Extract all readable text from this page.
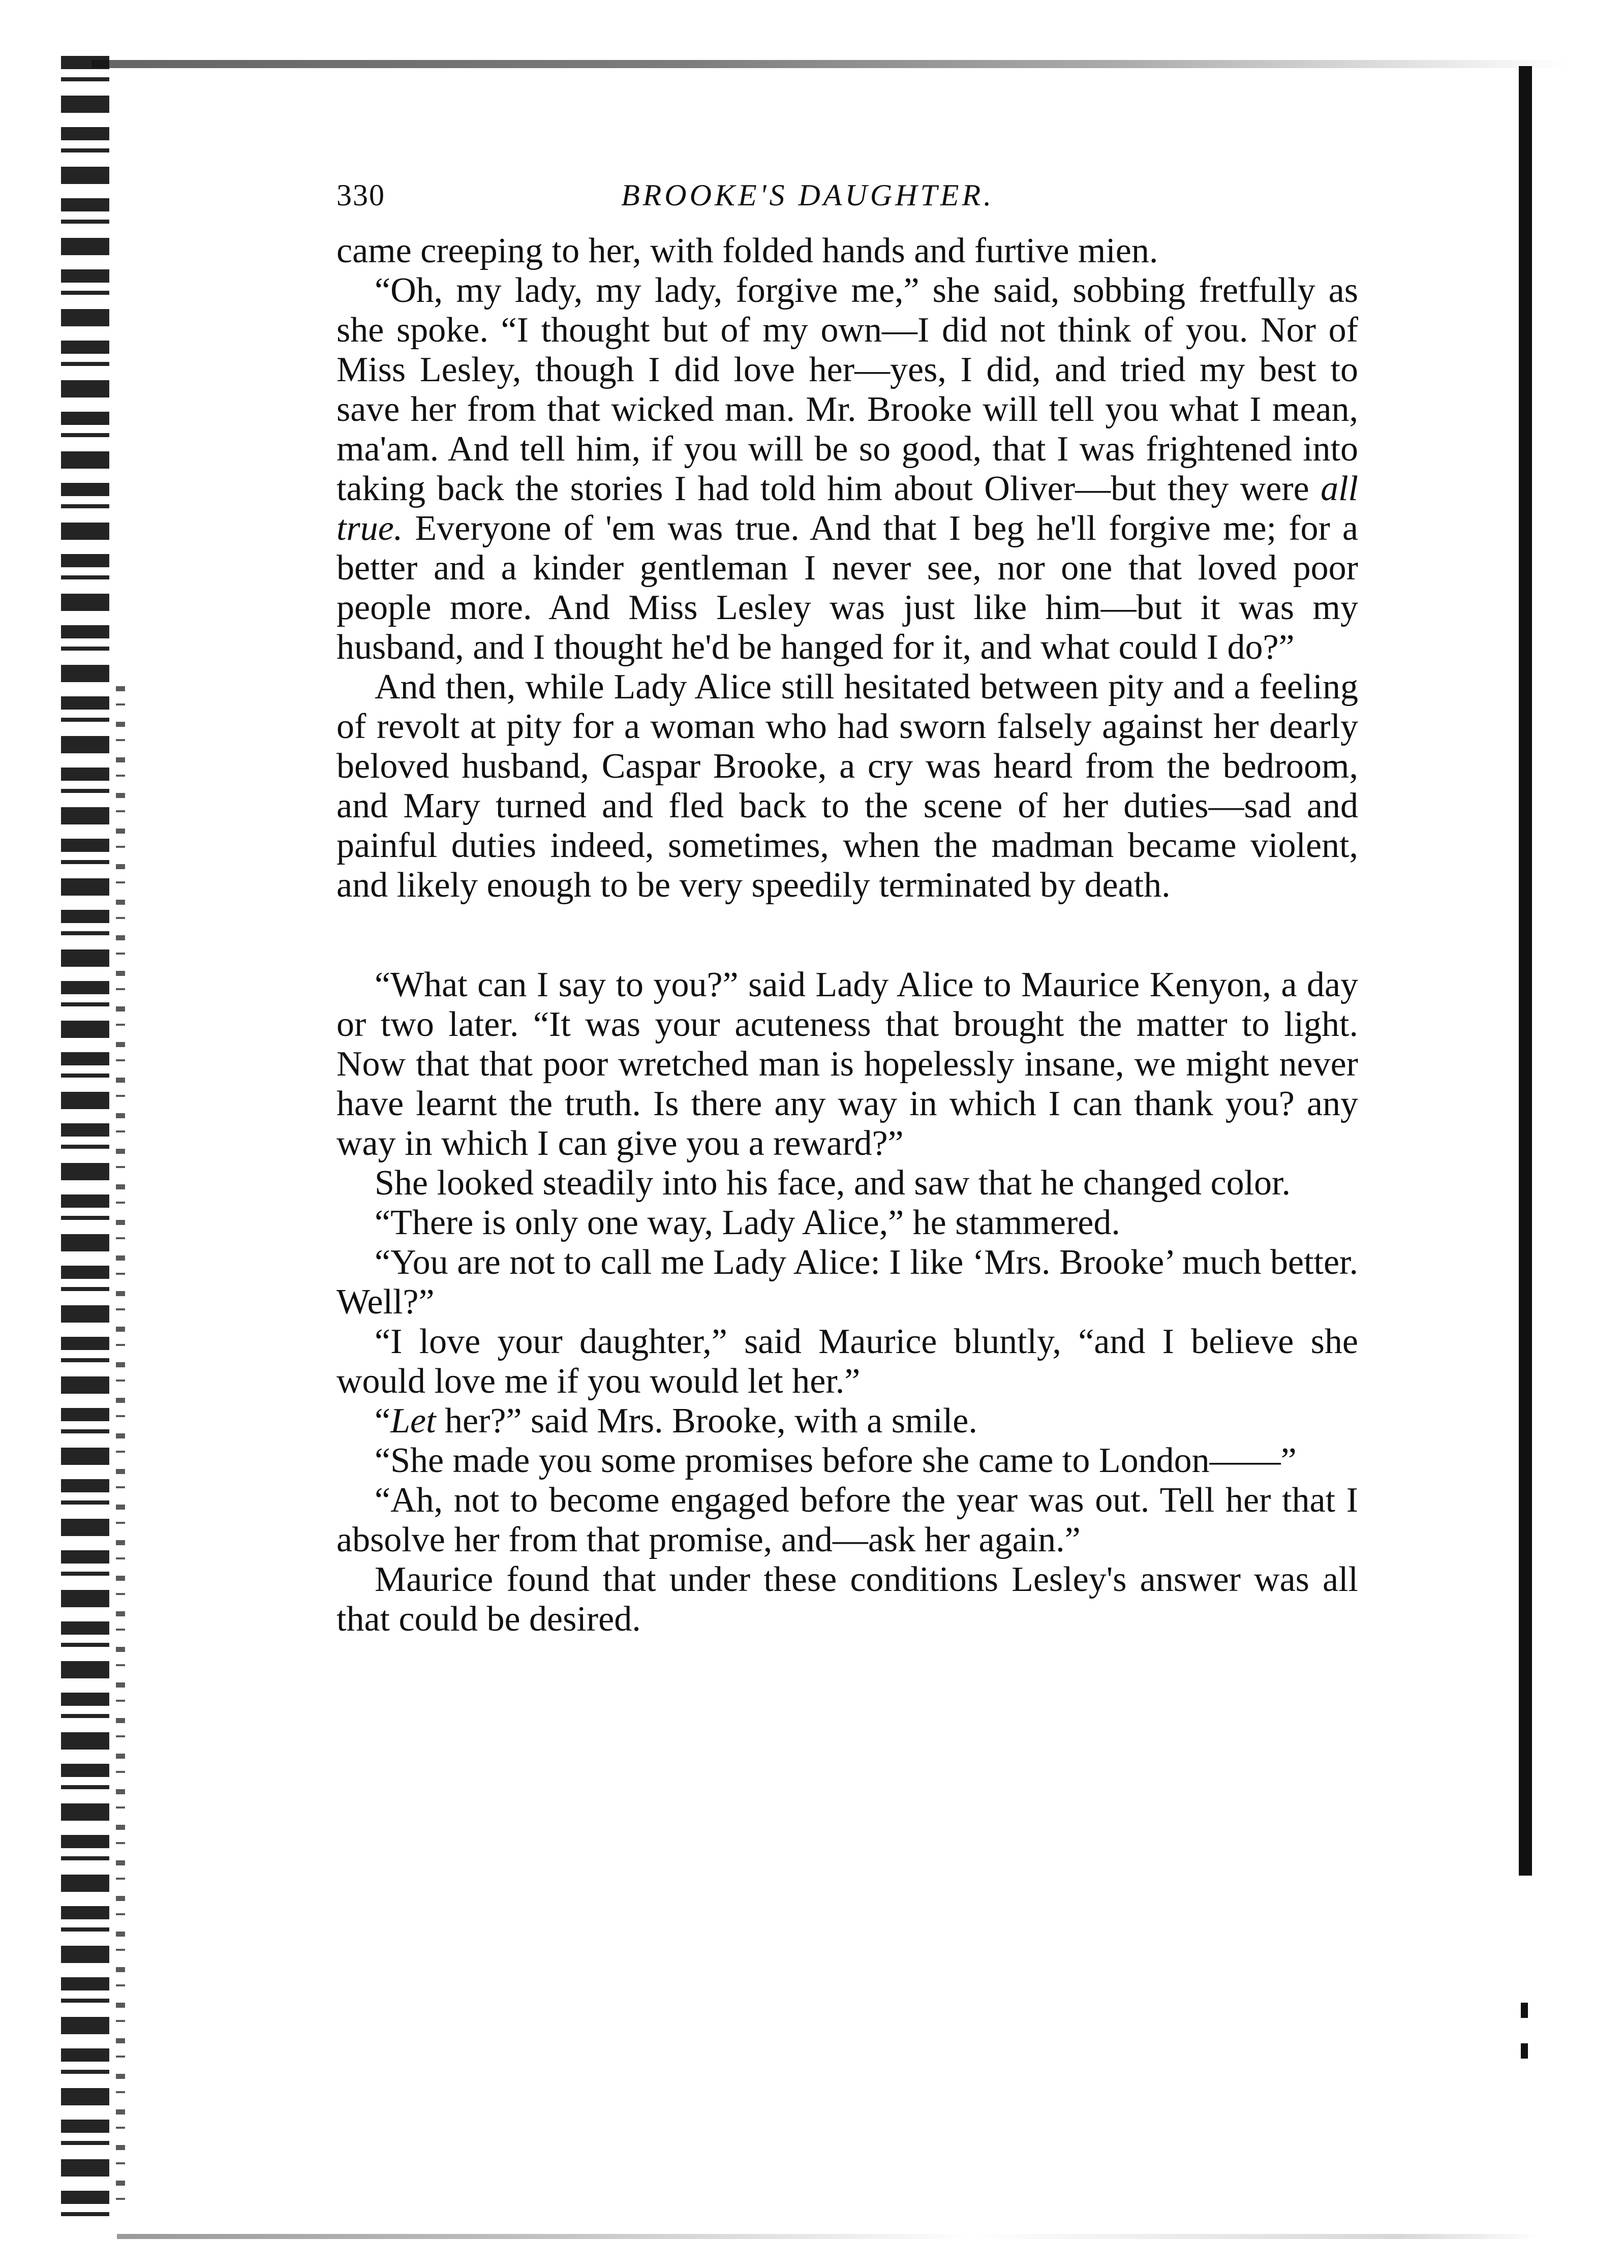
330	BROOKE'S DAUGHTER.

came creeping to her, with folded hands and furtive mien.

“Oh, my lady, my lady, forgive me,” she said, sobbing fretfully as she spoke. “I thought but of my own—I did not think of you. Nor of Miss Lesley, though I did love her—yes, I did, and tried my best to save her from that wicked man. Mr. Brooke will tell you what I mean, ma'am. And tell him, if you will be so good, that I was frightened into taking back the stories I had told him about Oliver—but they were all true. Everyone of 'em was true. And that I beg he'll forgive me; for a better and a kinder gentleman I never see, nor one that loved poor people more. And Miss Lesley was just like him—but it was my husband, and I thought he'd be hanged for it, and what could I do?”

And then, while Lady Alice still hesitated between pity and a feeling of revolt at pity for a woman who had sworn falsely against her dearly beloved husband, Caspar Brooke, a cry was heard from the bedroom, and Mary turned and fled back to the scene of her duties—sad and painful duties indeed, sometimes, when the madman became violent, and likely enough to be very speedily terminated by death.

“What can I say to you?” said Lady Alice to Maurice Kenyon, a day or two later. “It was your acuteness that brought the matter to light. Now that that poor wretched man is hopelessly insane, we might never have learnt the truth. Is there any way in which I can thank you? any way in which I can give you a reward?”

She looked steadily into his face, and saw that he changed color.

“There is only one way, Lady Alice,” he stammered.

“You are not to call me Lady Alice: I like ‘Mrs. Brooke’ much better. Well?”

“I love your daughter,” said Maurice bluntly, “and I believe she would love me if you would let her.”

“Let her?” said Mrs. Brooke, with a smile.

“She made you some promises before she came to London——”

“Ah, not to become engaged before the year was out. Tell her that I absolve her from that promise, and—ask her again.”

Maurice found that under these conditions Lesley's answer was all that could be desired.
